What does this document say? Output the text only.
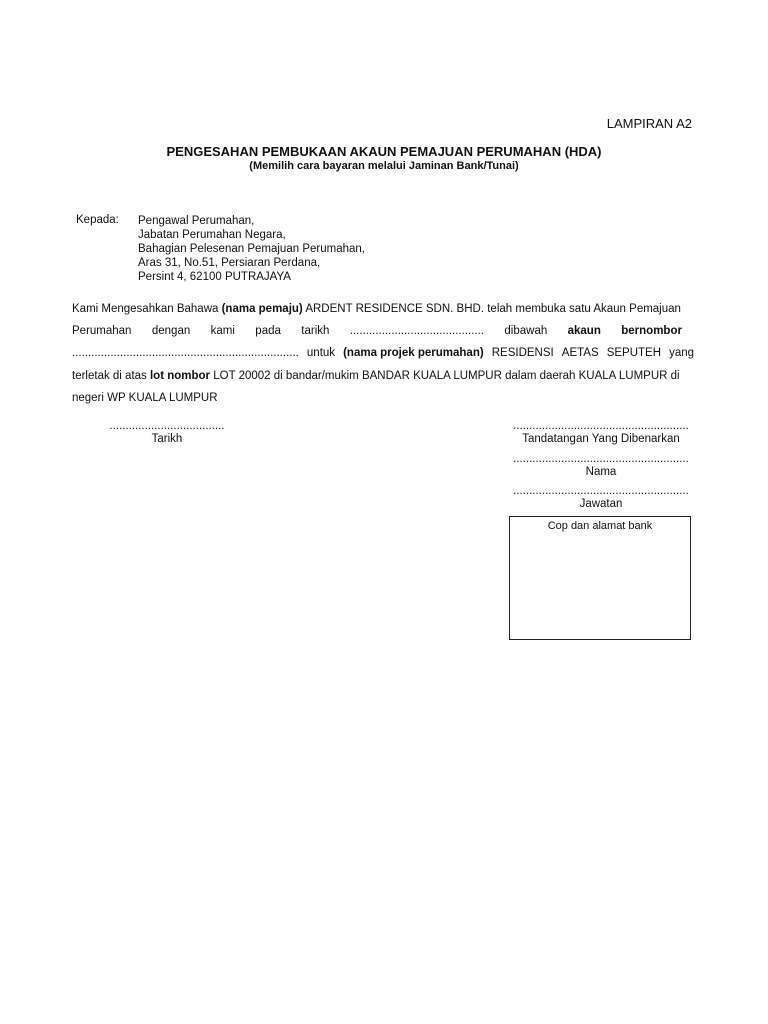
LAMPIRAN A2
PENGESAHAN PEMBUKAAN AKAUN PEMAJUAN PERUMAHAN (HDA)
(Memilih cara bayaran melalui Jaminan Bank/Tunai)
Kepada: Pengawal Perumahan,
Jabatan Perumahan Negara,
Bahagian Pelesenan Pemajuan Perumahan,
Aras 31, No.51, Persiaran Perdana,
Persint 4, 62100 PUTRAJAYA
Kami Mengesahkan Bahawa (nama pemaju) ARDENT RESIDENCE SDN. BHD. telah membuka satu Akaun Pemajuan
Perumahan dengan kami pada tarikh .......................................... dibawah akaun bernombor
....................................................................... untuk (nama projek perumahan) RESIDENSI AETAS SEPUTEH yang
terletak di atas lot nombor LOT 20002 di bandar/mukim BANDAR KUALA LUMPUR dalam daerah KUALA LUMPUR di
negeri WP KUALA LUMPUR
....................................
Tarikh
.......................................................
Tandatangan Yang Dibenarkan
.......................................................
Nama
.......................................................
Jawatan
Cop dan alamat bank
